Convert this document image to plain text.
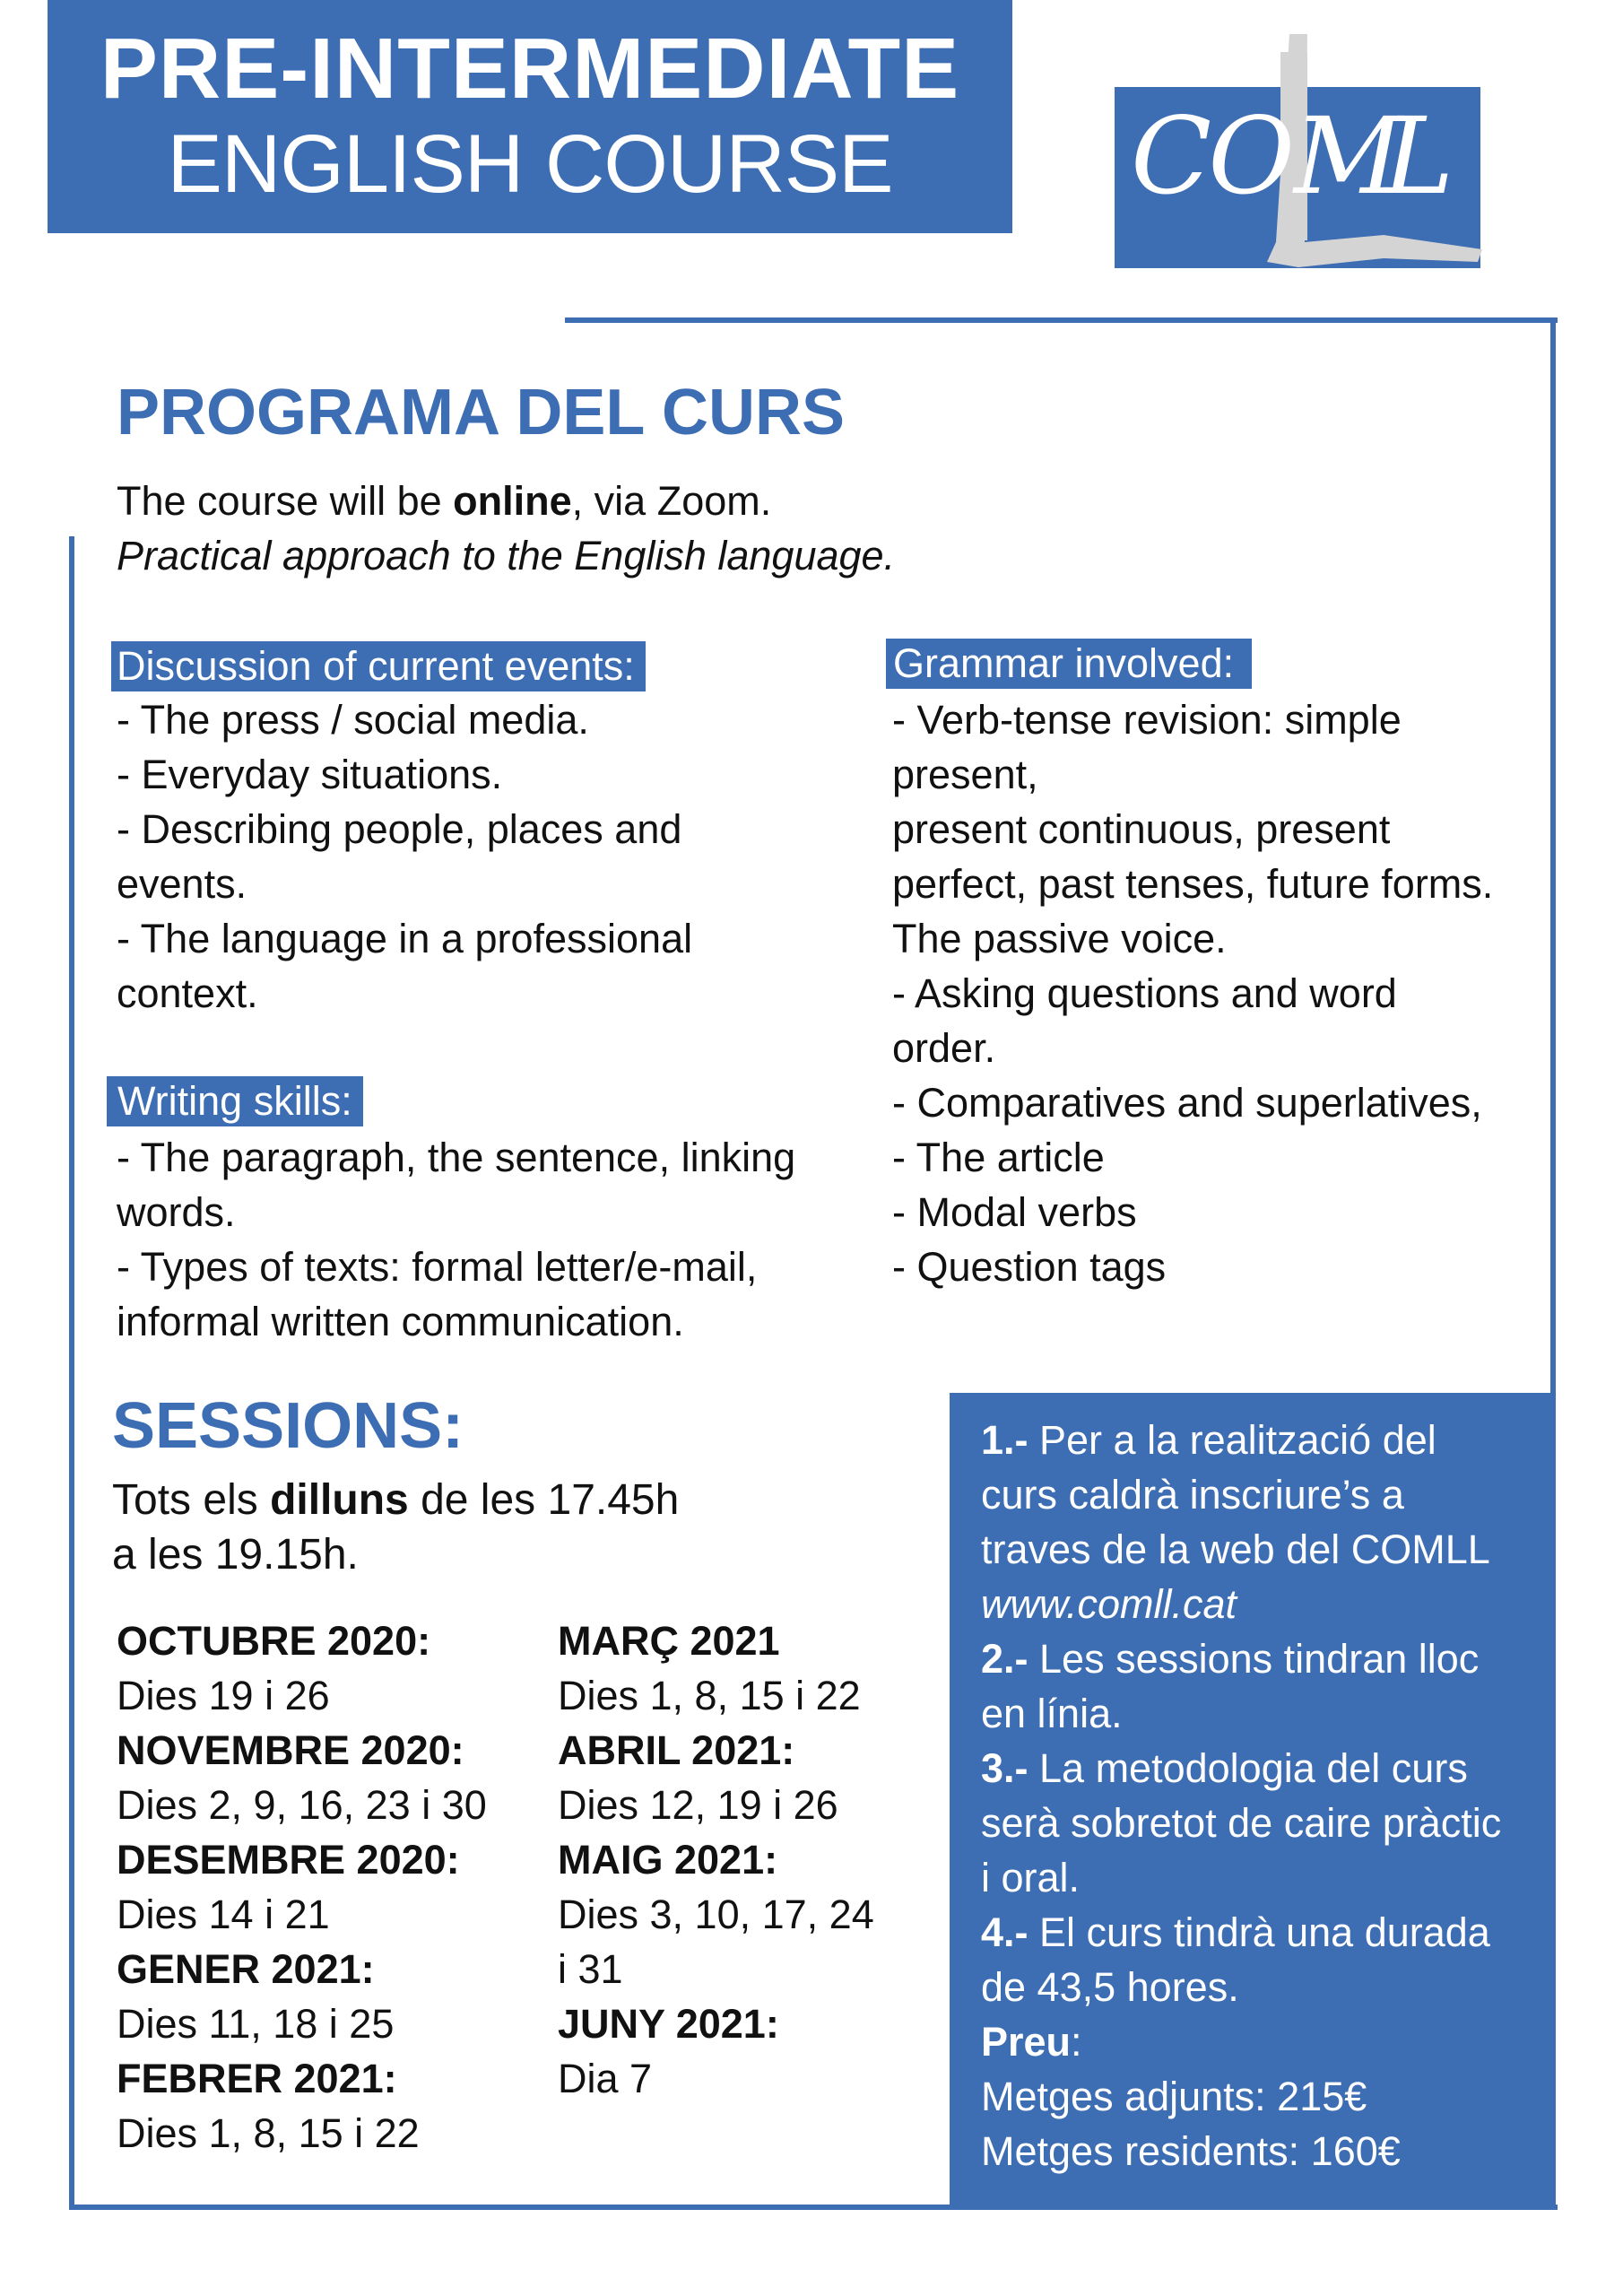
PRE-INTERMEDIATE
ENGLISH COURSE	CO M
L
PROGRAMA DEL CURS
The course will be online, via Zoom.
Practical approach to the English language.
Discussion of current events:
- The press / social media.
- Everyday situations.
- Describing people, places and
events.
- The language in a professional
context.
Writing skills:
- The paragraph, the sentence, linking
words.
- Types of texts: formal letter/e-mail,
informal written communication.
Grammar involved:
- Verb-tense revision: simple
present,
present continuous, present
perfect, past tenses, future forms.
The passive voice.
- Asking questions and word
order.
- Comparatives and superlatives,
- The article
- Modal verbs
- Question tags
SESSIONS:
Tots els dilluns de les 17.45h
a les 19.15h.
OCTUBRE 2020:
Dies 19 i 26
NOVEMBRE 2020:
Dies 2, 9, 16, 23 i 30
DESEMBRE 2020:
Dies 14 i 21
GENER 2021:
Dies 11, 18 i 25
FEBRER 2021:
Dies 1, 8, 15 i 22
MARÇ 2021
Dies 1, 8, 15 i 22
ABRIL 2021:
Dies 12, 19 i 26
MAIG 2021:
Dies 3, 10, 17, 24
i 31
JUNY 2021:
Dia 7

1.- Per a la realització del

curs caldrà inscriure’s a

traves de la web del COMLL

www.comll.cat

2.- Les sessions tindran lloc

en línia.

3.- La metodologia del curs

serà sobretot de caire pràctic

i oral.

4.- El curs tindrà una durada

de 43,5 hores.

Preu:

Metges adjunts: 215€

Metges residents: 160€
